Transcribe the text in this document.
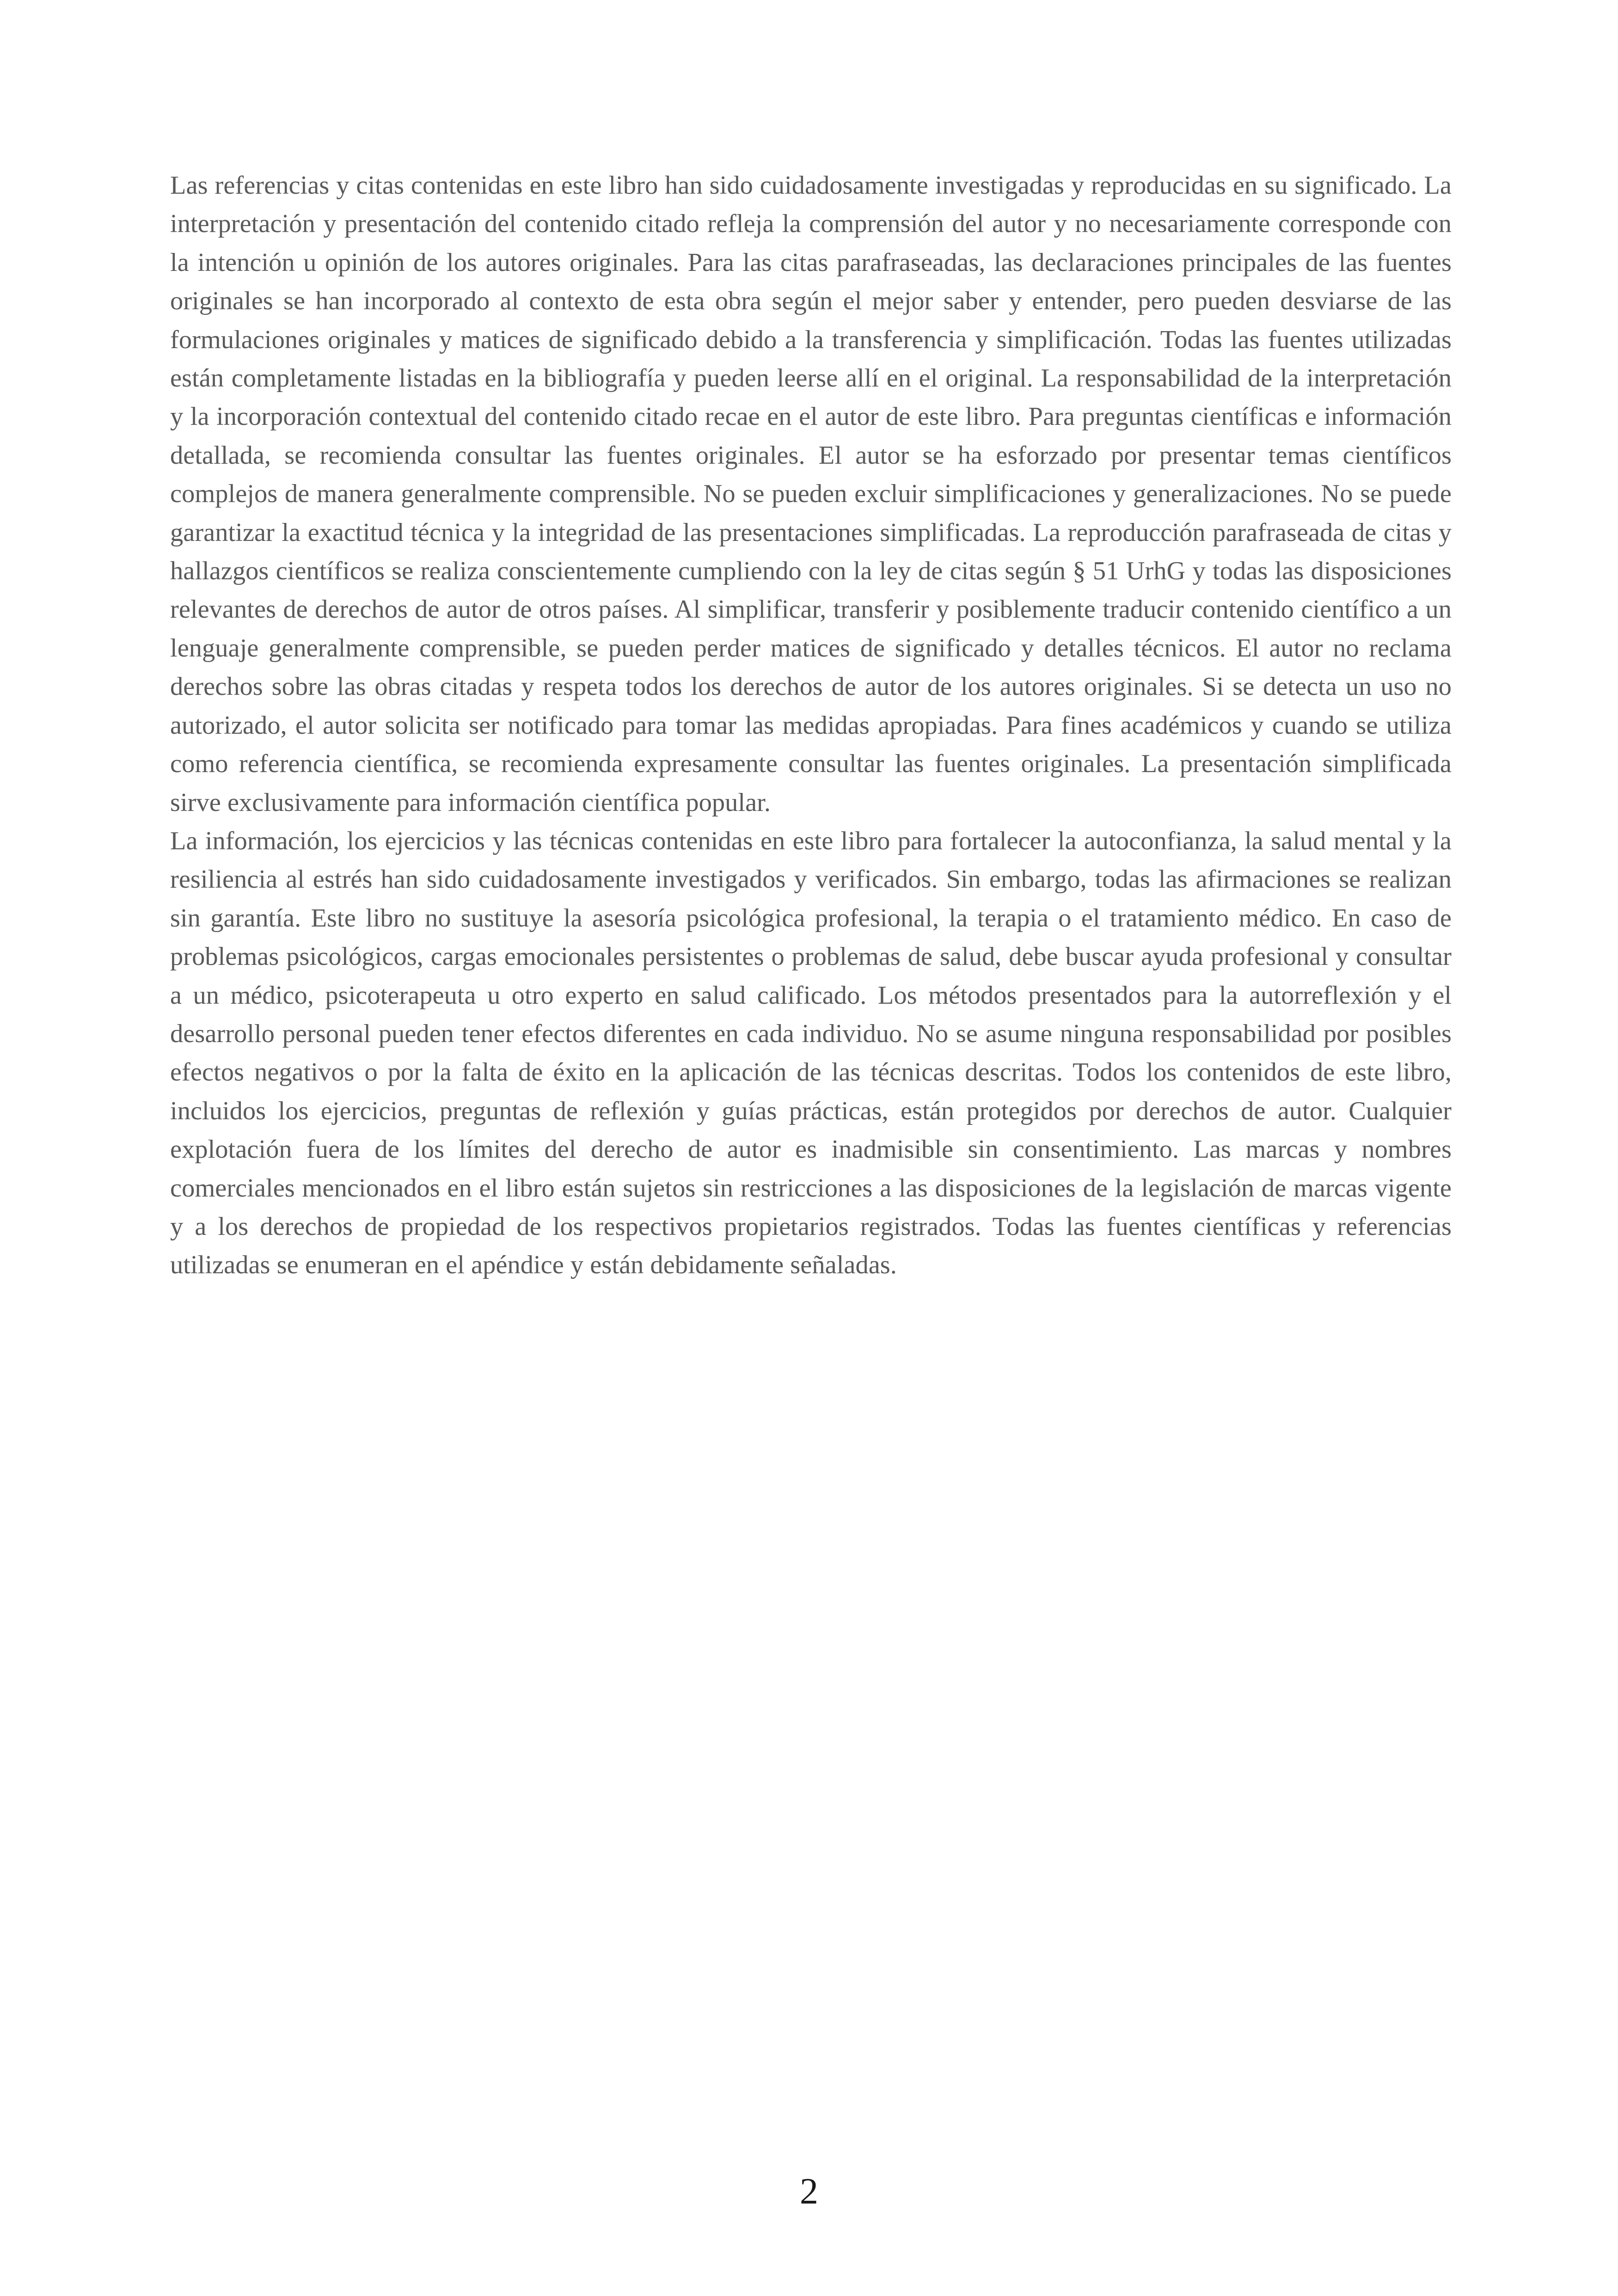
Las referencias y citas contenidas en este libro han sido cuidadosamente investigadas y reproducidas en su significado. La interpretación y presentación del contenido citado refleja la comprensión del autor y no necesariamente corresponde con la intención u opinión de los autores originales. Para las citas parafraseadas, las declaraciones principales de las fuentes originales se han incorporado al contexto de esta obra según el mejor saber y entender, pero pueden desviarse de las formulaciones originales y matices de significado debido a la transferencia y simplificación. Todas las fuentes utilizadas están completamente listadas en la bibliografía y pueden leerse allí en el original. La responsabilidad de la interpretación y la incorporación contextual del contenido citado recae en el autor de este libro. Para preguntas científicas e información detallada, se recomienda consultar las fuentes originales. El autor se ha esforzado por presentar temas científicos complejos de manera generalmente comprensible. No se pueden excluir simplificaciones y generalizaciones. No se puede garantizar la exactitud técnica y la integridad de las presentaciones simplificadas. La reproducción parafraseada de citas y hallazgos científicos se realiza conscientemente cumpliendo con la ley de citas según § 51 UrhG y todas las disposiciones relevantes de derechos de autor de otros países. Al simplificar, transferir y posiblemente traducir contenido científico a un lenguaje generalmente comprensible, se pueden perder matices de significado y detalles técnicos. El autor no reclama derechos sobre las obras citadas y respeta todos los derechos de autor de los autores originales. Si se detecta un uso no autorizado, el autor solicita ser notificado para tomar las medidas apropiadas. Para fines académicos y cuando se utiliza como referencia científica, se recomienda expresamente consultar las fuentes originales. La presentación simplificada sirve exclusivamente para información científica popular.

La información, los ejercicios y las técnicas contenidas en este libro para fortalecer la autoconfianza, la salud mental y la resiliencia al estrés han sido cuidadosamente investigados y verificados. Sin embargo, todas las afirmaciones se realizan sin garantía. Este libro no sustituye la asesoría psicológica profesional, la terapia o el tratamiento médico. En caso de problemas psicológicos, cargas emocionales persistentes o problemas de salud, debe buscar ayuda profesional y consultar a un médico, psicoterapeuta u otro experto en salud calificado. Los métodos presentados para la autorreflexión y el desarrollo personal pueden tener efectos diferentes en cada individuo. No se asume ninguna responsabilidad por posibles efectos negativos o por la falta de éxito en la aplicación de las técnicas descritas. Todos los contenidos de este libro, incluidos los ejercicios, preguntas de reflexión y guías prácticas, están protegidos por derechos de autor. Cualquier explotación fuera de los límites del derecho de autor es inadmisible sin consentimiento. Las marcas y nombres comerciales mencionados en el libro están sujetos sin restricciones a las disposiciones de la legislación de marcas vigente y a los derechos de propiedad de los respectivos propietarios registrados. Todas las fuentes científicas y referencias utilizadas se enumeran en el apéndice y están debidamente señaladas.

2
